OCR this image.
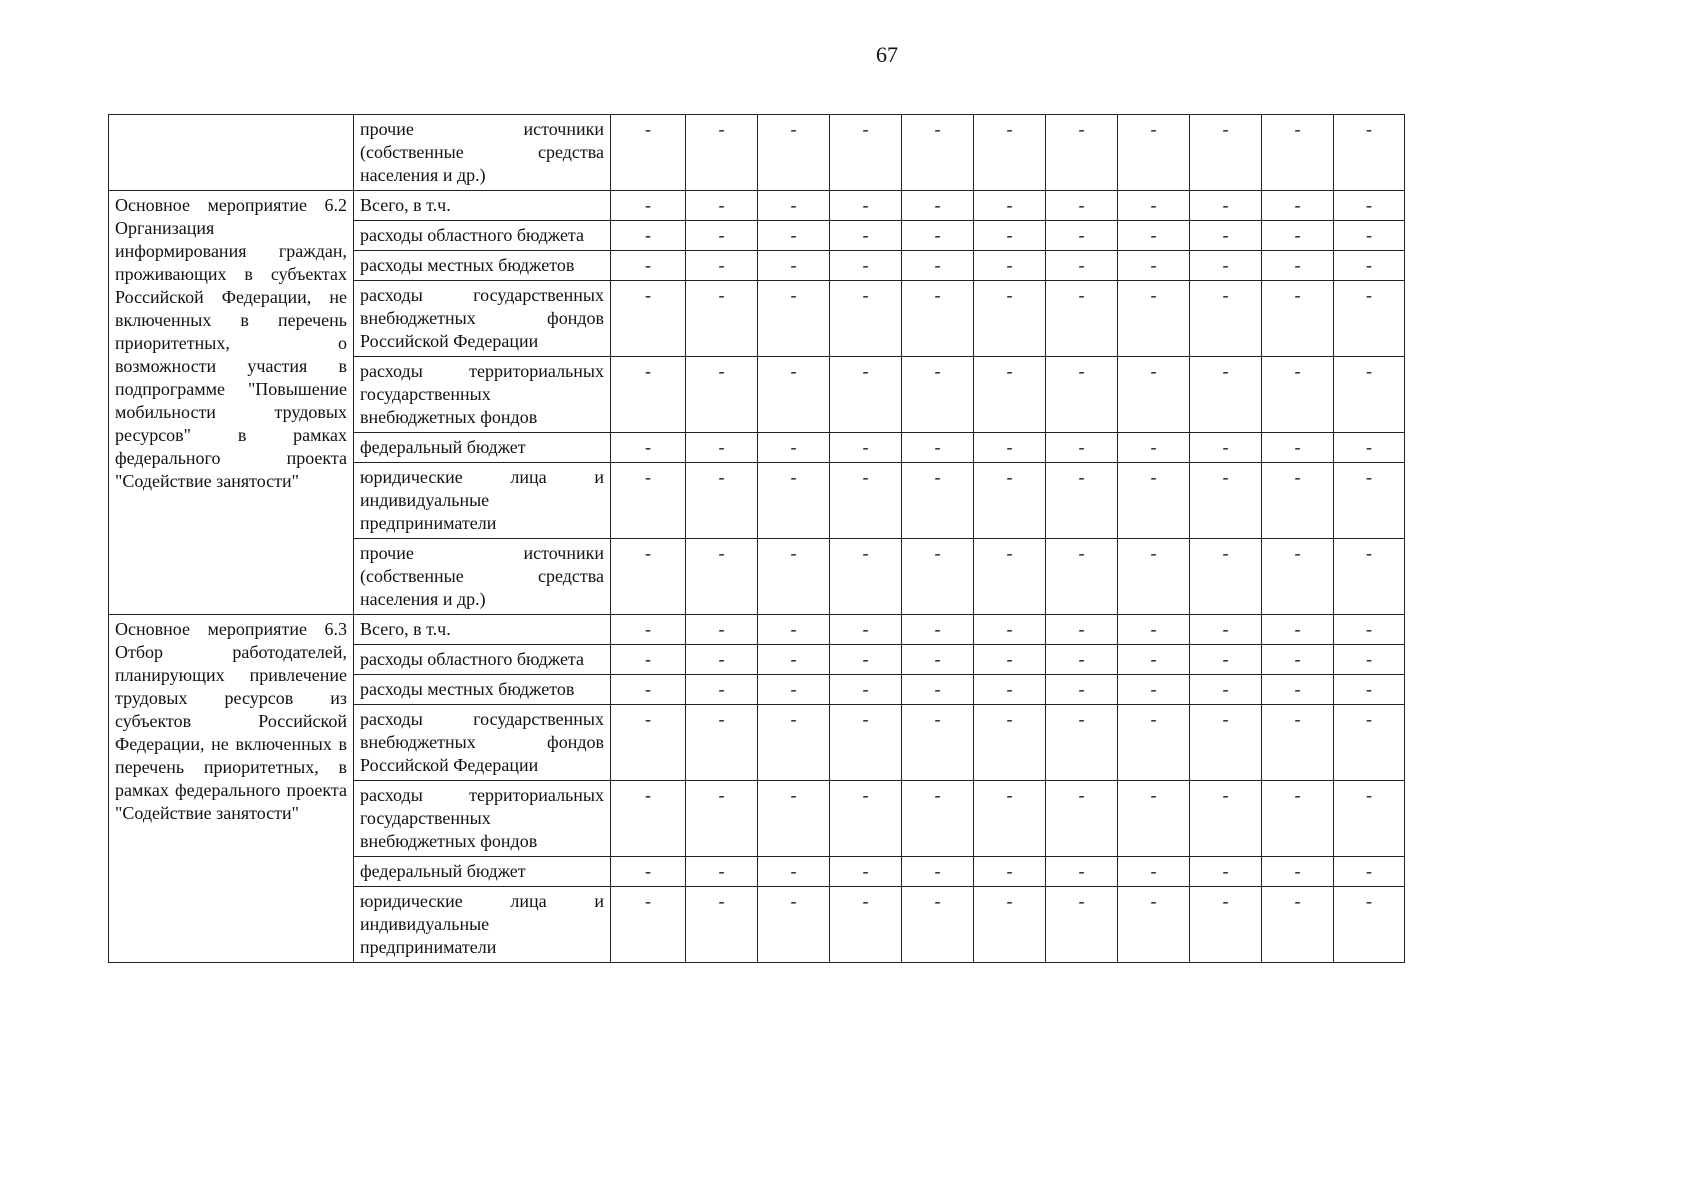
67
	прочие источники (собственные средства населения и др.)	-	-	-	-	-	-	-	-	-	-	-
Основное мероприятие 6.2 Организация информирования граждан, проживающих в субъектах Российской Федерации, не включенных в перечень приоритетных, о возможности участия в подпрограмме "Повышение мобильности трудовых ресурсов" в рамках федерального проекта "Содействие занятости"	Всего, в т.ч.	-	-	-	-	-	-	-	-	-	-	-
	расходы областного бюджета	-	-	-	-	-	-	-	-	-	-	-
	расходы местных бюджетов	-	-	-	-	-	-	-	-	-	-	-
	расходы государственных внебюджетных фондов Российской Федерации	-	-	-	-	-	-	-	-	-	-	-
	расходы территориальных государственных внебюджетных фондов	-	-	-	-	-	-	-	-	-	-	-
	федеральный бюджет	-	-	-	-	-	-	-	-	-	-	-
	юридические лица и индивидуальные предприниматели	-	-	-	-	-	-	-	-	-	-	-
	прочие источники (собственные средства населения и др.)	-	-	-	-	-	-	-	-	-	-	-
Основное мероприятие 6.3 Отбор работодателей, планирующих привлечение трудовых ресурсов из субъектов Российской Федерации, не включенных в перечень приоритетных, в рамках федерального проекта "Содействие занятости"	Всего, в т.ч.	-	-	-	-	-	-	-	-	-	-	-
	расходы областного бюджета	-	-	-	-	-	-	-	-	-	-	-
	расходы местных бюджетов	-	-	-	-	-	-	-	-	-	-	-
	расходы государственных внебюджетных фондов Российской Федерации	-	-	-	-	-	-	-	-	-	-	-
	расходы территориальных государственных внебюджетных фондов	-	-	-	-	-	-	-	-	-	-	-
	федеральный бюджет	-	-	-	-	-	-	-	-	-	-	-
	юридические лица и индивидуальные предприниматели	-	-	-	-	-	-	-	-	-	-	-
